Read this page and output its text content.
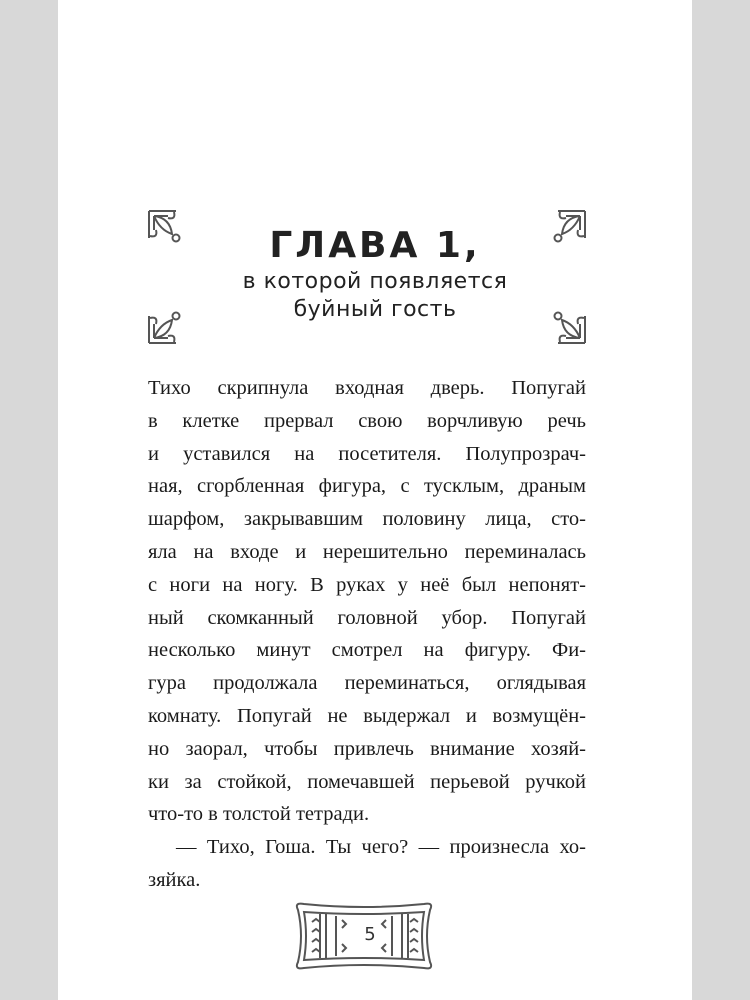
ГЛАВА 1,
в которой появляется
буйный гость
Тихо скрипнула входная дверь. Попугай
в клетке прервал свою ворчливую речь
и уставился на посетителя. Полупрозрач-
ная, сгорбленная фигура, с тусклым, драным
шарфом, закрывавшим половину лица, сто-
яла на входе и нерешительно переминалась
с ноги на ногу. В руках у неё был непонят-
ный скомканный головной убор. Попугай
несколько минут смотрел на фигуру. Фи-
гура продолжала переминаться, оглядывая
комнату. Попугай не выдержал и возмущён-
но заорал, чтобы привлечь внимание хозяй-
ки за стойкой, помечавшей перьевой ручкой
что-то в толстой тетради.
— Тихо, Гоша. Ты чего? — произнесла хо-
зяйка.
5
